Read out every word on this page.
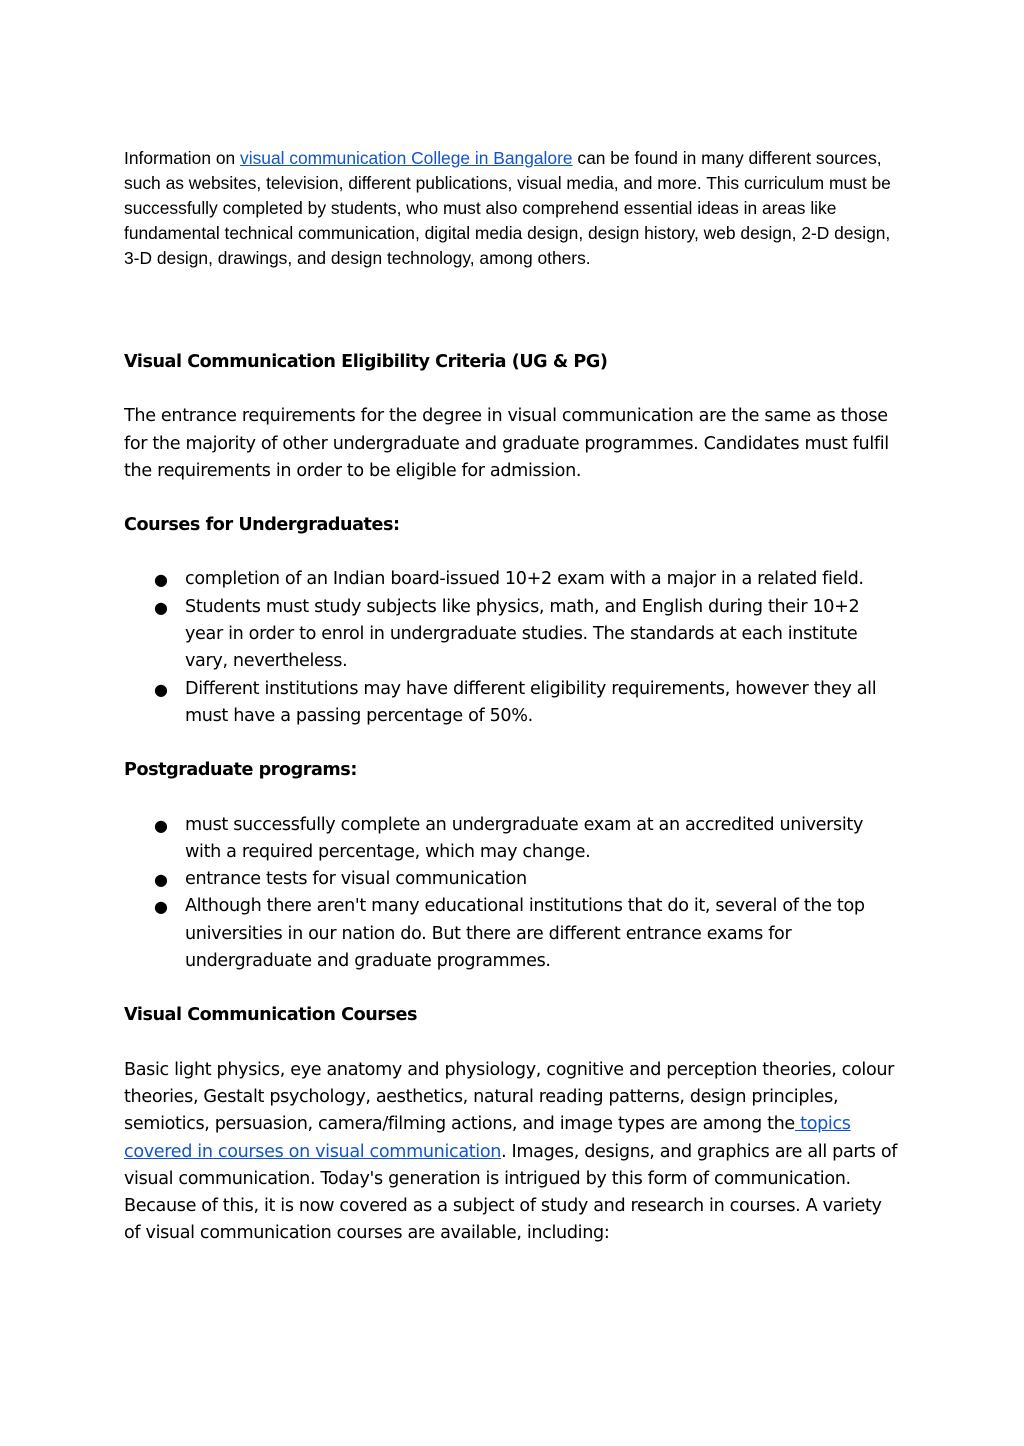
Information on visual communication College in Bangalore can be found in many different sources, such as websites, television, different publications, visual media, and more. This curriculum must be successfully completed by students, who must also comprehend essential ideas in areas like fundamental technical communication, digital media design, design history, web design, 2-D design, 3-D design, drawings, and design technology, among others.

Visual Communication Eligibility Criteria (UG & PG)

The entrance requirements for the degree in visual communication are the same as those for the majority of other undergraduate and graduate programmes. Candidates must fulfil the requirements in order to be eligible for admission.

Courses for Undergraduates:
● completion of an Indian board-issued 10+2 exam with a major in a related field.
● Students must study subjects like physics, math, and English during their 10+2 year in order to enrol in undergraduate studies. The standards at each institute vary, nevertheless.
● Different institutions may have different eligibility requirements, however they all must have a passing percentage of 50%.
Postgraduate programs:
● must successfully complete an undergraduate exam at an accredited university with a required percentage, which may change.
● entrance tests for visual communication
● Although there aren't many educational institutions that do it, several of the top universities in our nation do. But there are different entrance exams for undergraduate and graduate programmes.
Visual Communication Courses

Basic light physics, eye anatomy and physiology, cognitive and perception theories, colour theories, Gestalt psychology, aesthetics, natural reading patterns, design principles, semiotics, persuasion, camera/filming actions, and image types are among the topics covered in courses on visual communication. Images, designs, and graphics are all parts of visual communication. Today's generation is intrigued by this form of communication. Because of this, it is now covered as a subject of study and research in courses. A variety of visual communication courses are available, including:
